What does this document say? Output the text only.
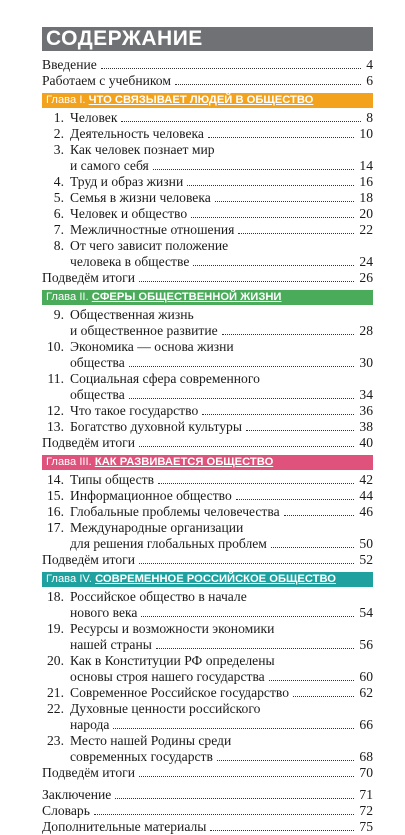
СОДЕРЖАНИЕ
Введение	4
Работаем с учебником	6
Глава I. ЧТО СВЯЗЫВАЕТ ЛЮДЕЙ В ОБЩЕСТВО
1. Человек	8
2. Деятельность человека	10
3. Как человек познает мир
и самого себя	14
4. Труд и образ жизни	16
5. Семья в жизни человека	18
6. Человек и общество	20
7. Межличностные отношения	22
8. От чего зависит положение
человека в обществе	24
Подведём итоги	26
Глава II. СФЕРЫ ОБЩЕСТВЕННОЙ ЖИЗНИ
9. Общественная жизнь
и общественное развитие	28
10. Экономика — основа жизни
общества	30
11. Социальная сфера современного
общества	34
12. Что такое государство	36
13. Богатство духовной культуры	38
Подведём итоги	40
Глава III. КАК РАЗВИВАЕТСЯ ОБЩЕСТВО
14. Типы обществ	42
15. Информационное общество	44
16. Глобальные проблемы человечества	46
17. Международные организации
для решения глобальных проблем	50
Подведём итоги	52
Глава IV. СОВРЕМЕННОЕ РОССИЙСКОЕ ОБЩЕСТВО
18. Российское общество в начале
нового века	54
19. Ресурсы и возможности экономики
нашей страны	56
20. Как в Конституции РФ определены
основы строя нашего государства	60
21. Современное Российское государство	62
22. Духовные ценности российского
народа	66
23. Место нашей Родины среди
современных государств	68
Подведём итоги	70
Заключение	71
Словарь	72
Дополнительные материалы	75
